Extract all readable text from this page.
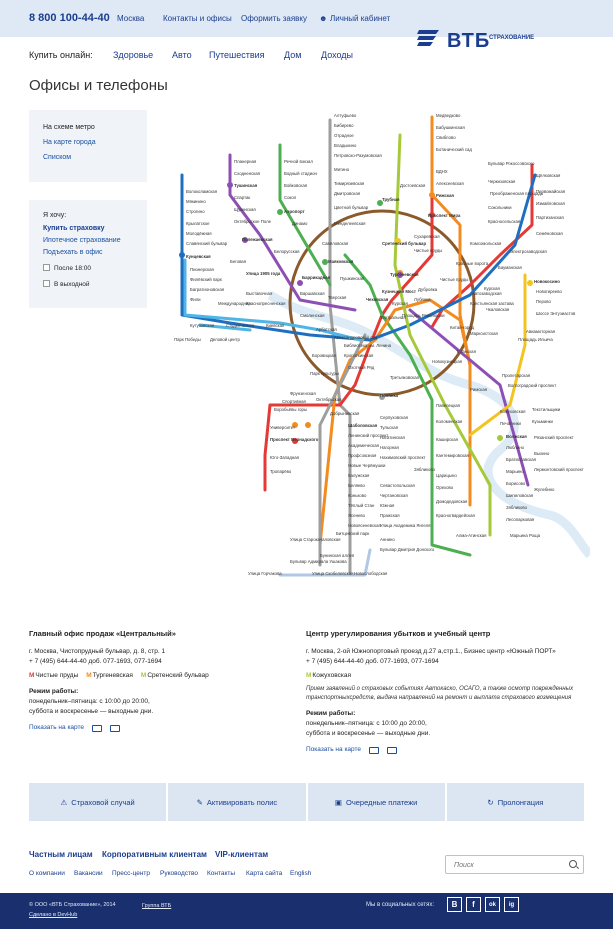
8 800 100-44-40 Москва Контакты и офисы Оформить заявку ☻ Личный кабинет
ВТБ
СТРАХОВАНИЕ
Купить онлайн: Здоровье Авто Путешествия Дом Доходы
Офисы и телефоны
На схеме метро
На карте города
Списком
Я хочу:
Купить страховку
Ипотечное страхование
Подъехать в офис
После 18:00
В выходной
Алтуфьево
Бибирево
Отрадное
Владыкино
Петровско-Разумовская
Медведково
Бабушкинская
Свиблово
Ботанический сад
ВДНХ
Алексеевская
Рижская
Проспект Мира
Сухаревская
Тургеневская
Чистые пруды
Красные ворота
Комсомольская
Красносельская
Сокольники
Преображенская площадь
Черкизовская
Бульвар Рокоссовского
Щёлковская
Первомайская
Измайловская
Партизанская
Семёновская
Электрозаводская
Бауманская
Курская
Новогиреево
Перово
Шоссе Энтузиастов
Авиамоторная
Площадь Ильича
Марксистская
Таганская
Пролетарская
Волгоградский проспект
Текстильщики
Кузьминки
Рязанский проспект
Выхино
Лермонтовский проспект
Жулебино
Новокосино
Планерная
Сходненская
Тушинская
Спартак
Щукинская
Октябрьское Поле
Полежаевская
Беговая
Улица 1905 года
Баррикадная Пушкинская
Кузнецкий Мост
Лубянка
Китай-город
Третьяковская
Новокузнецкая
Павелецкая
Добрынинская
Октябрьская
Парк культуры
Фрунзенская
Спортивная
Воробьёвы горы
Университет
Проспект Вернадского
Юго-Западная
Тропарёво
Шаболовская
Ленинский проспект
Академическая
Профсоюзная
Новые Черёмушки
Калужская
Беляево
Коньково
Тёплый Стан
Ясенево
Новоясеневская
Серпуховская
Тульская
Нагатинская
Нагорная
Нахимовский проспект
Севастопольская
Чертановская
Южная
Пражская
Улица Академика Янгеля
Аннино
Бульвар Дмитрия Донского
Речной вокзал
Водный стадион
Войковская
Сокол
Аэропорт
Динамо
Белорусская
Маяковская
Тверская	Чеховская
Боровицкая
Полянка
Кунцевская
Пионерская
Филёвский парк
Багратионовская
Фили
Кутузовская	Студенческая	Киевская
Смоленская
Арбатская
Александровский сад
Библиотека им. Ленина
Кропоткинская
Охотный Ряд
Театральная
Площадь Революции
Курская	Крестьянская застава
Римская
Чкаловская
Автозаводская
Коломенская
Каширская
Кантемировская
Царицыно
Орехово
Домодедовская
Красногвардейская
Алма-Атинская	Марьина Роща
Достоевская
Трубная
Сретенский бульвар
Чистые пруды
Дубровка
Кожуховская
Печатники
Волжская
Люблино
Братиславская
Марьино
Борисово
Шипиловская
Зябликово
Лесопарковая
Битцевский парк
Улица Старокачаловская
Бунинская аллея
Улица Горчакова
Бульвар Адмирала Ушакова
Улица Скобелевская Новослободская
Менделеевская
Цветной бульвар
Савёловская
Дмитровская
Тимирязевская
Митино
Волоколамская
Мякинино
Строгино
Крылатское
Молодёжная
Славянский бульвар
Парк Победы Деловой центр
Международная
Выставочная
Краснопресненская
Варшавская
Зябликово
Главный офис продаж «Центральный»
г. Москва, Чистопрудный бульвар, д. 8, стр. 1
+ 7 (495) 644-44-40 доб. 077-1693, 077-1694
МЧистые пруды МТургеневская МСретенский бульвар
Режим работы:
понедельник–пятница: с 10:00 до 20:00,
суббота и воскресенье — выходные дни.
Показать на карте
Центр урегулирования убытков и учебный центр
г. Москва, 2-ой Южнопортовый проезд д.27 а,стр.1., Бизнес центр «Южный ПОРТ»
+ 7 (495) 644-44-40 доб. 077-1693, 077-1694
МКожуховская
Прием заявлений о страховых событиях Автокаско, ОСАГО, а также осмотр поврежденных транспортныхсредств, выдача направлений на ремонт и выплата страхового возмещения
Режим работы:
понедельник–пятница: с 10:00 до 20:00,
суббота и воскресенье — выходные дни.
Показать на карте
⚠ Страховой случай	✎ Активировать полис	▣ Очередные платежи	↻ Пролонгация
Частным лицам Корпоративным клиентам VIP-клиентам
О компании Вакансии Пресс-центр Руководство Контакты Карта сайта English
Поиск
© ООО «ВТБ Страхование», 2014
Сделано в DevHub
Группа ВТБ	Мы в социальных сетях:	В	f	ok	ig
